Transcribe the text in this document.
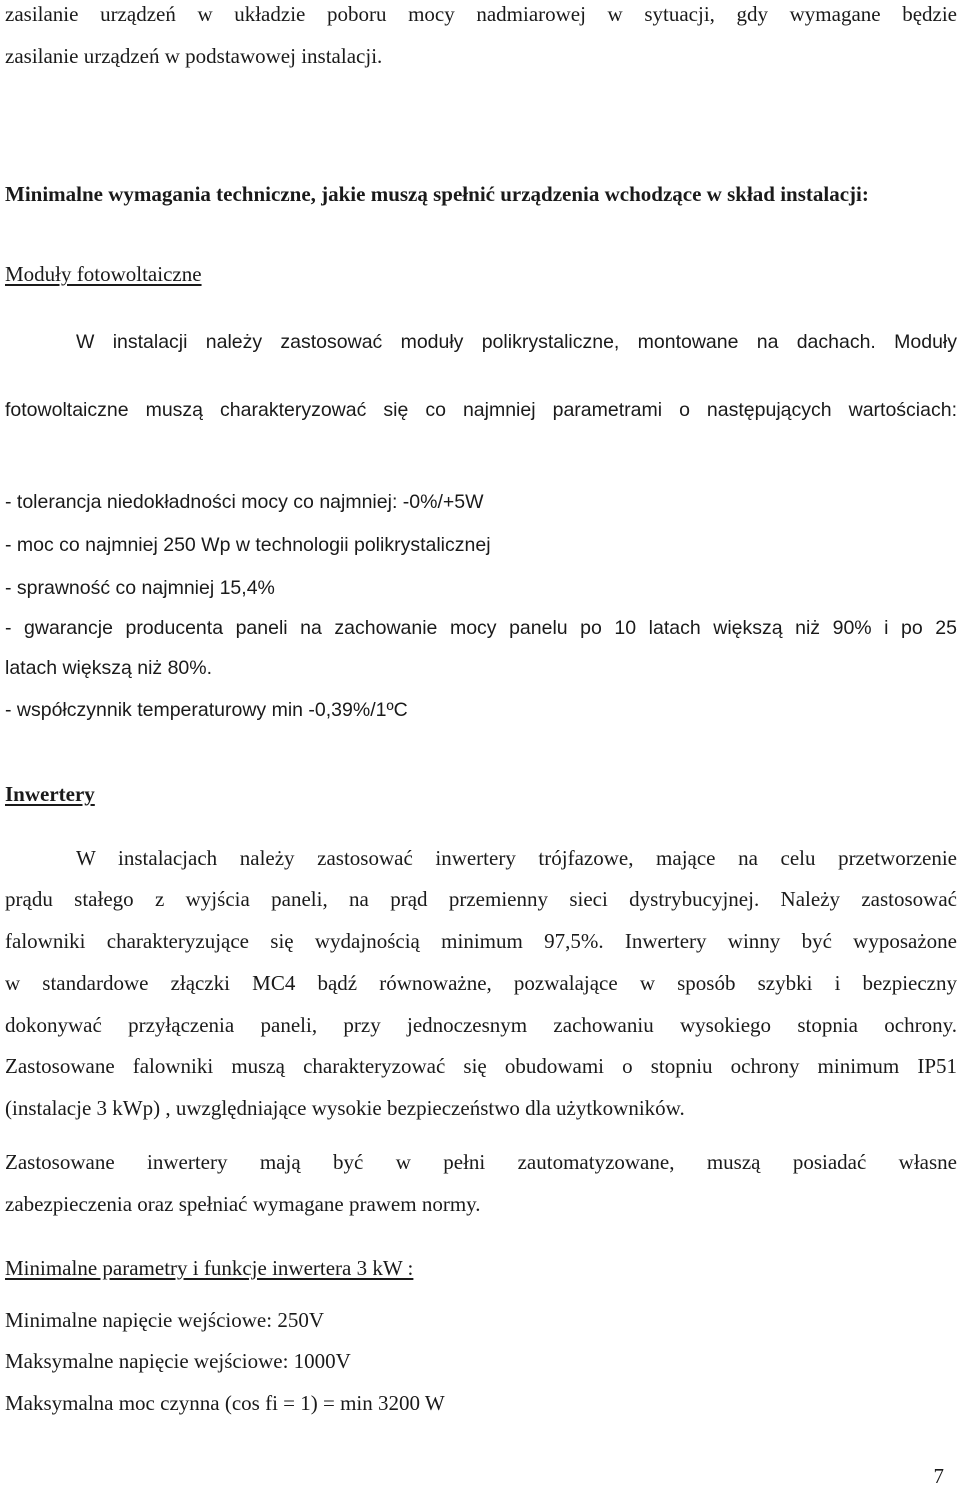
zasilanie urządzeń w układzie poboru mocy nadmiarowej w sytuacji, gdy wymagane będzie
zasilanie urządzeń w podstawowej instalacji.
Minimalne wymagania techniczne, jakie muszą spełnić urządzenia wchodzące w skład instalacji:
Moduły fotowoltaiczne
W instalacji należy zastosować moduły polikrystaliczne, montowane na dachach. Moduły
fotowoltaiczne muszą charakteryzować się co najmniej parametrami o następujących wartościach:
- tolerancja niedokładności mocy co najmniej: -0%/+5W
- moc co najmniej 250 Wp w technologii polikrystalicznej
- sprawność co najmniej 15,4%
- gwarancje producenta paneli na zachowanie mocy panelu po 10 latach większą niż 90% i po 25
latach większą niż 80%.
- współczynnik temperaturowy min -0,39%/1ºC
Inwertery
W instalacjach należy zastosować inwertery trójfazowe, mające na celu przetworzenie
prądu stałego z wyjścia paneli, na prąd przemienny sieci dystrybucyjnej. Należy zastosować
falowniki charakteryzujące się wydajnością minimum 97,5%. Inwertery winny być wyposażone
w standardowe złączki MC4 bądź równoważne, pozwalające w sposób szybki i bezpieczny
dokonywać przyłączenia paneli, przy jednoczesnym zachowaniu wysokiego stopnia ochrony.
Zastosowane falowniki muszą charakteryzować się obudowami o stopniu ochrony minimum IP51
(instalacje 3 kWp) , uwzględniające wysokie bezpieczeństwo dla użytkowników.
Zastosowane inwertery mają być w pełni zautomatyzowane, muszą posiadać własne
zabezpieczenia oraz spełniać wymagane prawem normy.
Minimalne parametry i funkcje inwertera 3 kW :
Minimalne napięcie wejściowe: 250V
Maksymalne napięcie wejściowe: 1000V
Maksymalna moc czynna (cos fi = 1) = min 3200 W
7
